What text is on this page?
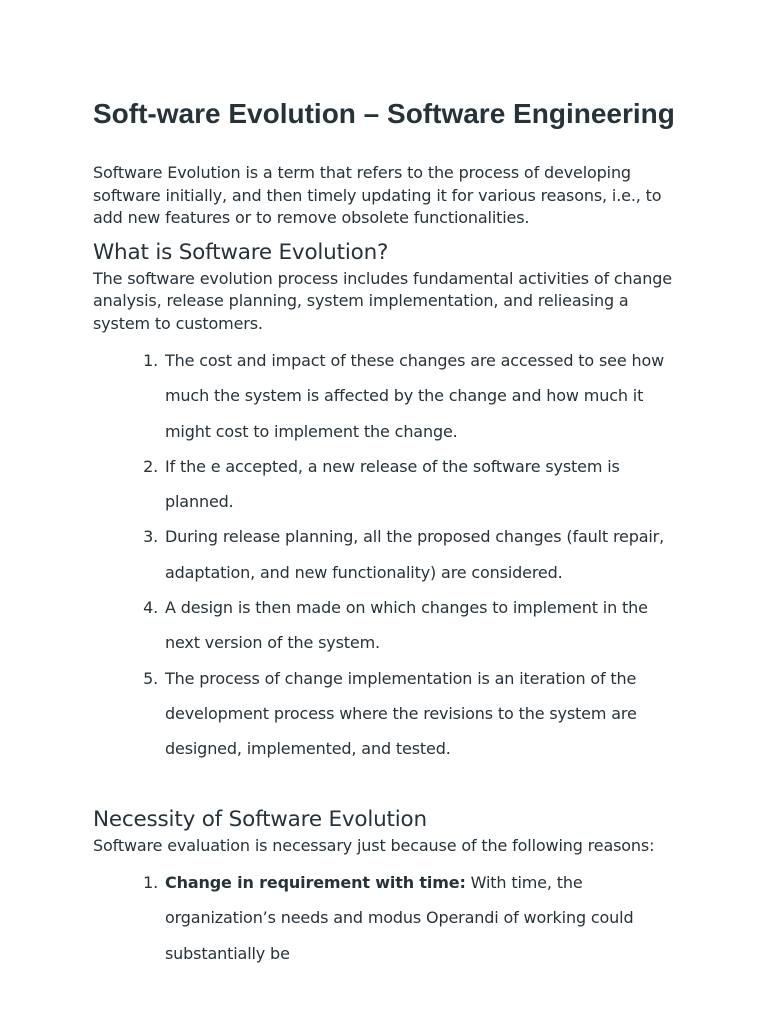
Soft-ware Evolution – Software Engineering

Software Evolution is a term that refers to the process of developing software initially, and then timely updating it for various reasons, i.e., to add new features or to remove obsolete functionalities.

What is Software Evolution?

The software evolution process includes fundamental activities of change analysis, release planning, system implementation, and relieasing a system to customers.

1. The cost and impact of these changes are accessed to see how much the system is affected by the change and how much it might cost to implement the change.
2. If the e accepted, a new release of the software system is planned.
3. During release planning, all the proposed changes (fault repair, adaptation, and new functionality) are considered.
4. A design is then made on which changes to implement in the next version of the system.
5. The process of change implementation is an iteration of the development process where the revisions to the system are designed, implemented, and tested.
Necessity of Software Evolution

Software evaluation is necessary just because of the following reasons:

1. Change in requirement with time: With time, the organization’s needs and modus Operandi of working could substantially be
